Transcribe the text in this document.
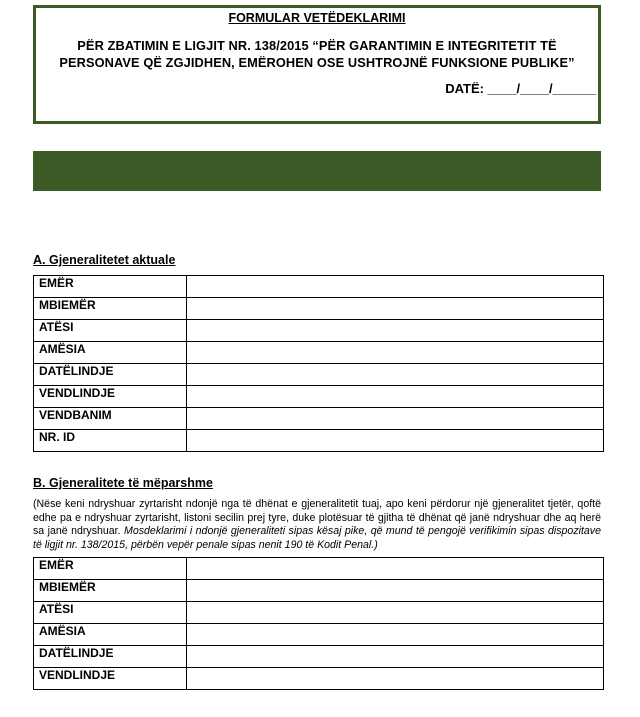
FORMULAR VETËDEKLARIMI
PËR ZBATIMIN E LIGJIT NR. 138/2015 “PËR GARANTIMIN E INTEGRITETIT TË
PERSONAVE QË ZGJIDHEN, EMËROHEN OSE USHTROJNË FUNKSIONE PUBLIKE”
DATË: ____/____/______
A. Gjeneralitetet aktuale
EMËR	
MBIEMËR	
ATËSI	
AMËSIA	
DATËLINDJE	
VENDLINDJE	
VENDBANIM	
NR. ID	
B. Gjeneralitete të mëparshme
(Nëse keni ndryshuar zyrtarisht ndonjë nga të dhënat e gjeneralitetit tuaj, apo keni përdorur një gjeneralitet tjetër, qoftë edhe pa e ndryshuar zyrtarisht, listoni secilin prej tyre, duke plotësuar të gjitha të dhënat që janë ndryshuar dhe aq herë sa janë ndryshuar. Mosdeklarimi i ndonjë gjeneraliteti sipas kësaj pike, që mund të pengojë verifikimin sipas dispozitave të ligjit nr. 138/2015, përbën vepër penale sipas nenit 190 të Kodit Penal.)
EMËR	
MBIEMËR	
ATËSI	
AMËSIA	
DATËLINDJE	
VENDLINDJE	
